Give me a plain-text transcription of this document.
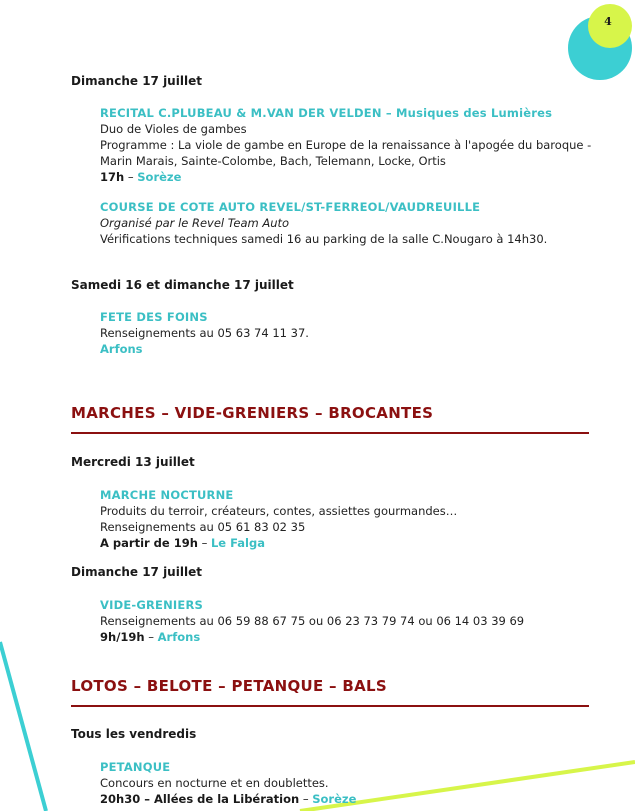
4
Dimanche 17 juillet
RECITAL C.PLUBEAU & M.VAN DER VELDEN – Musiques des Lumières
Duo de Violes de gambes
Programme : La viole de gambe en Europe de la renaissance à l'apogée du baroque -
Marin Marais, Sainte-Colombe, Bach, Telemann, Locke, Ortis
17h – Sorèze
COURSE DE COTE AUTO REVEL/ST-FERREOL/VAUDREUILLE
Organisé par le Revel Team Auto
Vérifications techniques samedi 16 au parking de la salle C.Nougaro à 14h30.
Samedi 16 et dimanche 17 juillet
FETE DES FOINS
Renseignements au 05 63 74 11 37.
Arfons
MARCHES – VIDE-GRENIERS – BROCANTES
Mercredi 13 juillet
MARCHE NOCTURNE
Produits du terroir, créateurs, contes, assiettes gourmandes…
Renseignements au 05 61 83 02 35
A partir de 19h – Le Falga
Dimanche 17 juillet
VIDE-GRENIERS
Renseignements au 06 59 88 67 75 ou 06 23 73 79 74 ou 06 14 03 39 69
9h/19h – Arfons
LOTOS – BELOTE – PETANQUE – BALS
Tous les vendredis
PETANQUE
Concours en nocturne et en doublettes.
20h30 – Allées de la Libération – Sorèze
